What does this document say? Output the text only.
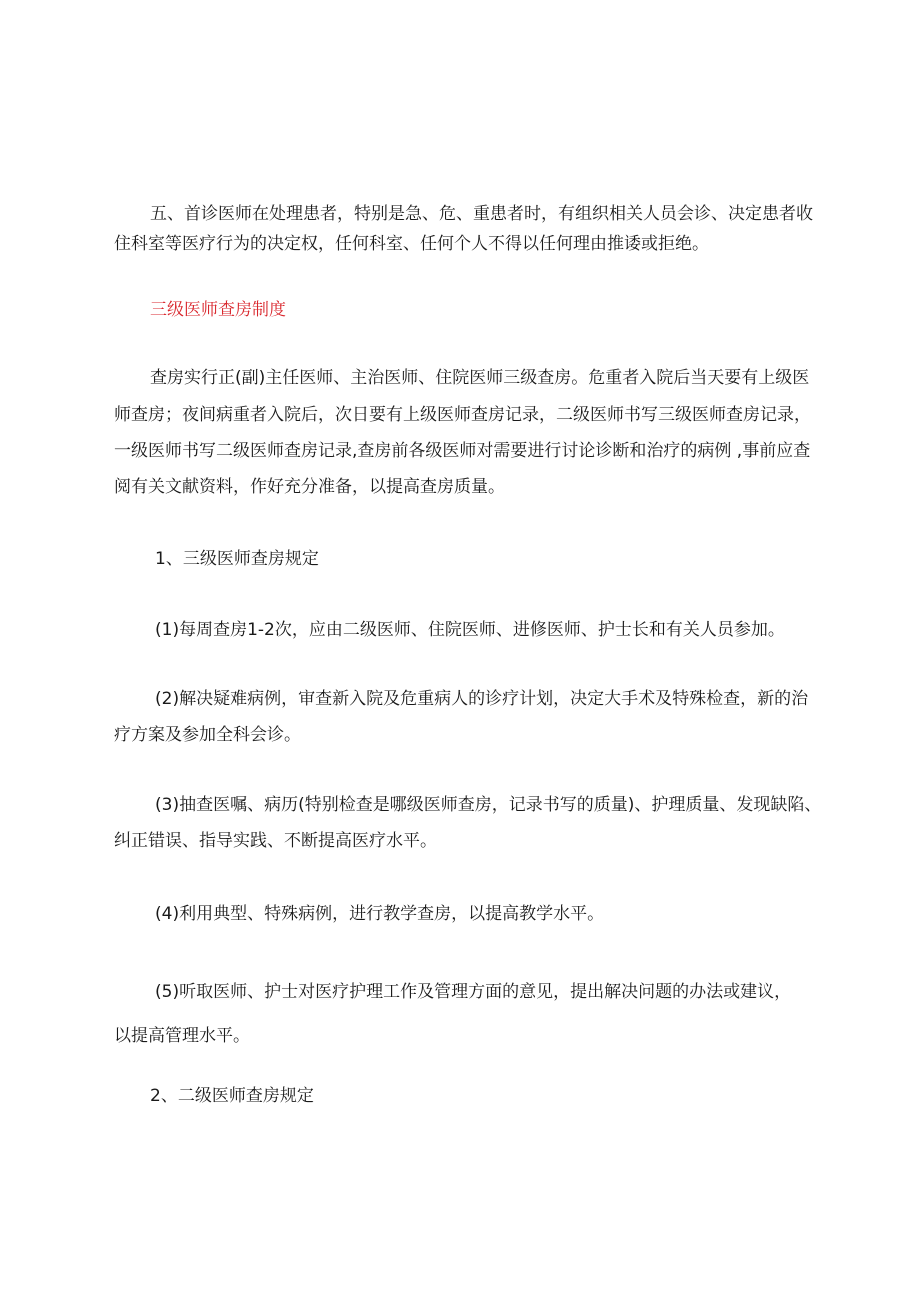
五、首诊医师在处理患者，特别是急、危、重患者时，有组织相关人员会诊、决定患者收

住科室等医疗行为的决定权，任何科室、任何个人不得以任何理由推诿或拒绝。

三级医师查房制度

查房实行正(副)主任医师、主治医师、住院医师三级查房。危重者入院后当天要有上级医

师查房；夜间病重者入院后，次日要有上级医师查房记录，二级医师书写三级医师查房记录，

一级医师书写二级医师查房记录,查房前各级医师对需要进行讨论诊断和治疗的病例 ,事前应查

阅有关文献资料，作好充分准备，以提高查房质量。

1、三级医师查房规定

(1)每周查房1-2次，应由二级医师、住院医师、进修医师、护士长和有关人员参加。

(2)解决疑难病例，审查新入院及危重病人的诊疗计划，决定大手术及特殊检查，新的治

疗方案及参加全科会诊。

(3)抽查医嘱、病历(特别检查是哪级医师查房，记录书写的质量)、护理质量、发现缺陷、

纠正错误、指导实践、不断提高医疗水平。

(4)利用典型、特殊病例，进行教学查房，以提高教学水平。

(5)听取医师、护士对医疗护理工作及管理方面的意见，提出解决问题的办法或建议，

以提高管理水平。

2、二级医师查房规定
